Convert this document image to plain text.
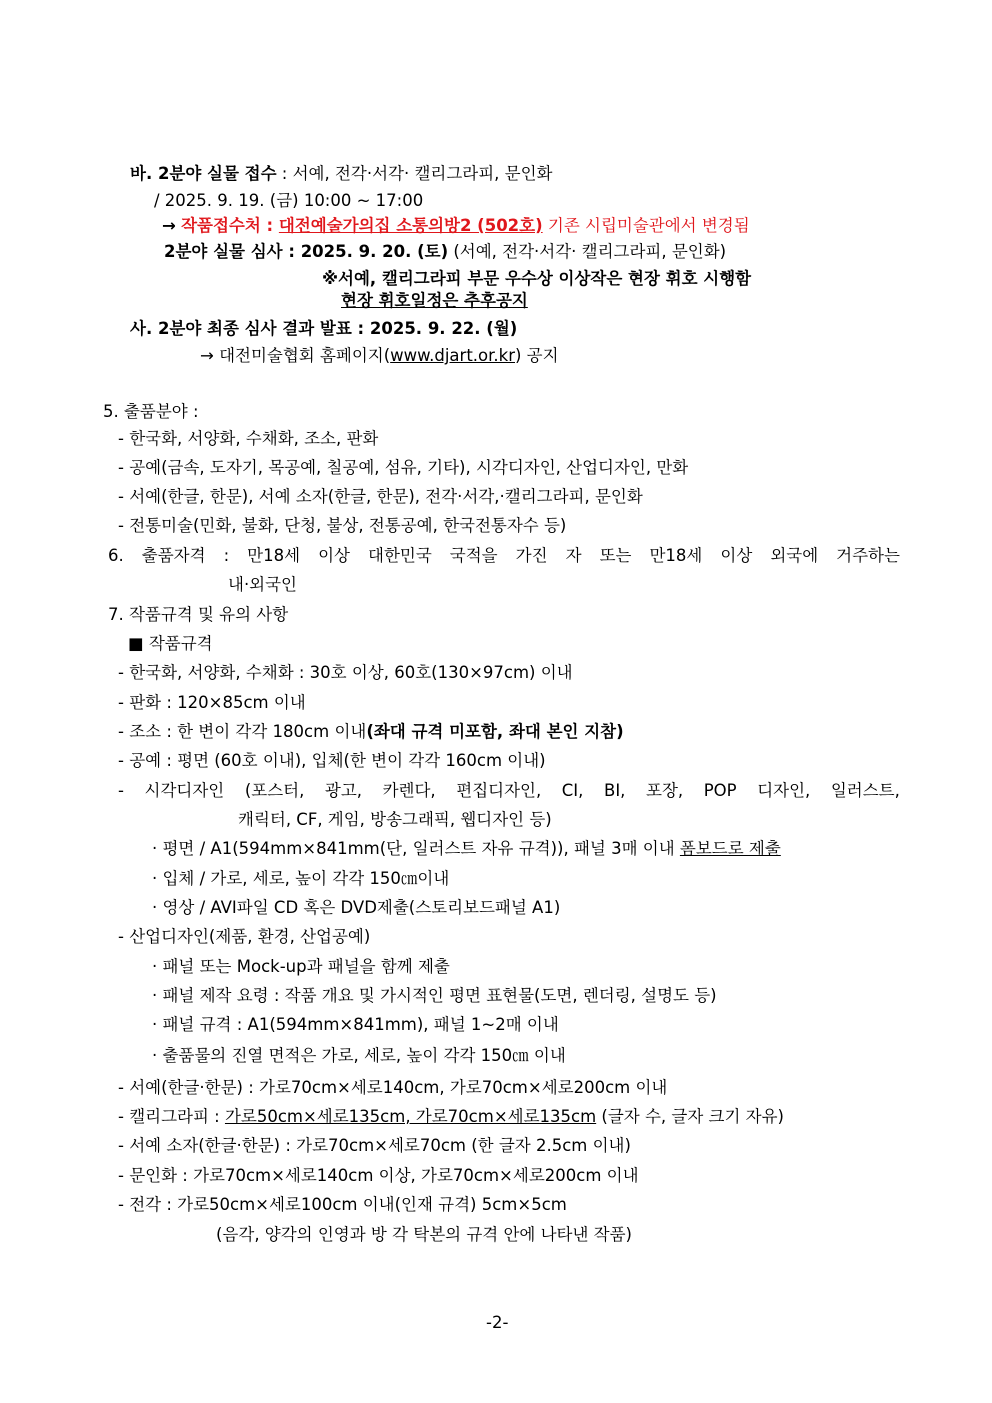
바. 2분야 실물 접수 : 서예, 전각·서각· 캘리그라피, 문인화
/ 2025. 9. 19. (금) 10:00 ~ 17:00
→ 작품접수처 : 대전예술가의집 소통의방2 (502호) 기존 시립미술관에서 변경됨
2분야 실물 심사 : 2025. 9. 20. (토) (서예, 전각·서각· 캘리그라피, 문인화)
※서예, 캘리그라피 부문 우수상 이상작은 현장 휘호 시행함
현장 휘호일정은 추후공지
사. 2분야 최종 심사 결과 발표 : 2025. 9. 22. (월)
→ 대전미술협회 홈페이지(www.djart.or.kr) 공지
5. 출품분야 :
- 한국화, 서양화, 수채화, 조소, 판화
- 공예(금속, 도자기, 목공예, 칠공예, 섬유, 기타), 시각디자인, 산업디자인, 만화
- 서예(한글, 한문), 서예 소자(한글, 한문), 전각·서각,·캘리그라피, 문인화
- 전통미술(민화, 불화, 단청, 불상, 전통공예, 한국전통자수 등)
6. 출품자격 : 만18세 이상 대한민국 국적을 가진 자 또는 만18세 이상 외국에 거주하는
내·외국인
7. 작품규격 및 유의 사항
■ 작품규격
- 한국화, 서양화, 수채화 : 30호 이상, 60호(130×97cm) 이내
- 판화 : 120×85cm 이내
- 조소 : 한 변이 각각 180cm 이내(좌대 규격 미포함, 좌대 본인 지참)
- 공예 : 평면 (60호 이내), 입체(한 변이 각각 160cm 이내)
- 시각디자인 (포스터, 광고, 카렌다, 편집디자인, CI, BI, 포장, POP 디자인, 일러스트,
캐릭터, CF, 게임, 방송그래픽, 웹디자인 등)
· 평면 / A1(594mm×841mm(단, 일러스트 자유 규격)), 패널 3매 이내 폼보드로 제출
· 입체 / 가로, 세로, 높이 각각 150㎝이내
· 영상 / AVI파일 CD 혹은 DVD제출(스토리보드패널 A1)
- 산업디자인(제품, 환경, 산업공예)
· 패널 또는 Mock-up과 패널을 함께 제출
· 패널 제작 요령 : 작품 개요 및 가시적인 평면 표현물(도면, 렌더링, 설명도 등)
· 패널 규격 : A1(594mm×841mm), 패널 1~2매 이내
· 출품물의 진열 면적은 가로, 세로, 높이 각각 150㎝ 이내
- 서예(한글·한문) : 가로70cm×세로140cm, 가로70cm×세로200cm 이내
- 캘리그라피 : 가로50cm×세로135cm, 가로70cm×세로135cm (글자 수, 글자 크기 자유)
- 서예 소자(한글·한문) : 가로70cm×세로70cm (한 글자 2.5cm 이내)
- 문인화 : 가로70cm×세로140cm 이상, 가로70cm×세로200cm 이내
- 전각 : 가로50cm×세로100cm 이내(인재 규격) 5cm×5cm
(음각, 양각의 인영과 방 각 탁본의 규격 안에 나타낸 작품)
-2-
